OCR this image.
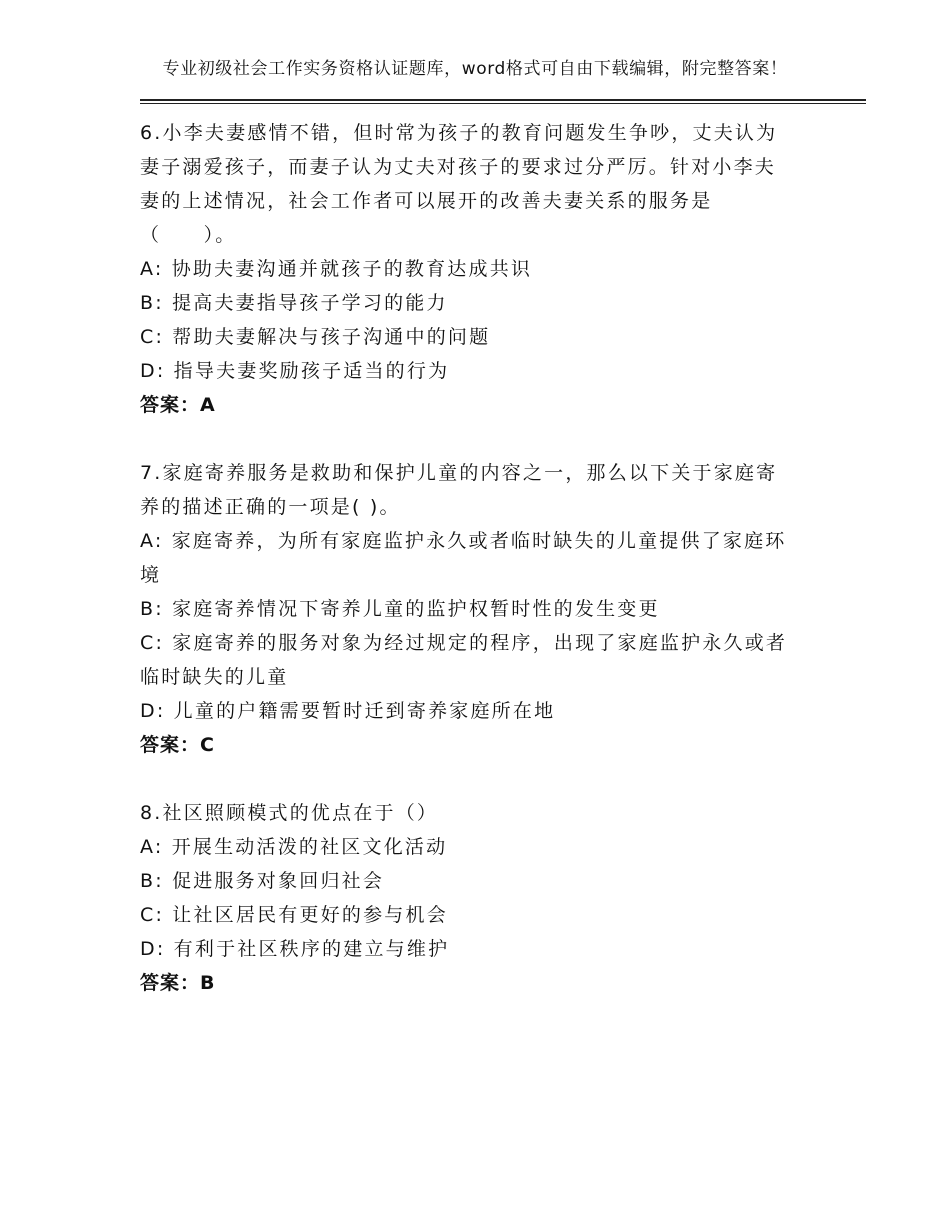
专业初级社会工作实务资格认证题库，word格式可自由下载编辑，附完整答案！
6.小李夫妻感情不错，但时常为孩子的教育问题发生争吵，丈夫认为
妻子溺爱孩子，而妻子认为丈夫对孩子的要求过分严厉。针对小李夫
妻的上述情况，社会工作者可以展开的改善夫妻关系的服务是
（　　）。
A: 协助夫妻沟通并就孩子的教育达成共识
B: 提高夫妻指导孩子学习的能力
C: 帮助夫妻解决与孩子沟通中的问题
D: 指导夫妻奖励孩子适当的行为
答案：A
7.家庭寄养服务是救助和保护儿童的内容之一，那么以下关于家庭寄
养的描述正确的一项是( )。
A: 家庭寄养，为所有家庭监护永久或者临时缺失的儿童提供了家庭环
境
B: 家庭寄养情况下寄养儿童的监护权暂时性的发生变更
C: 家庭寄养的服务对象为经过规定的程序，出现了家庭监护永久或者
临时缺失的儿童
D: 儿童的户籍需要暂时迁到寄养家庭所在地
答案：C
8.社区照顾模式的优点在于（）
A: 开展生动活泼的社区文化活动
B: 促进服务对象回归社会
C: 让社区居民有更好的参与机会
D: 有利于社区秩序的建立与维护
答案：B
